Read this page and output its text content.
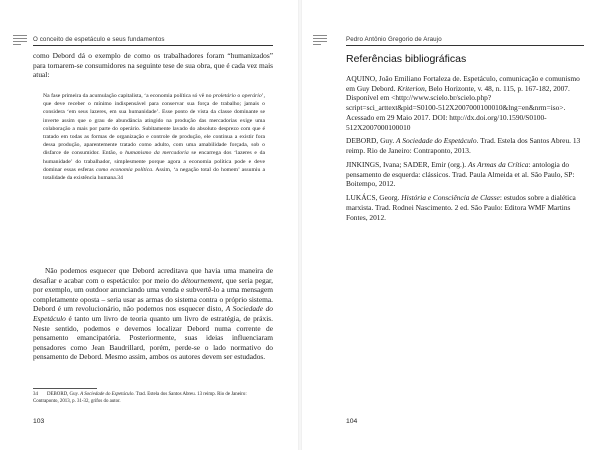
O conceito de espetáculo e seus fundamentos

como Debord dá o exemplo de como os trabalhadores foram “humanizados” para tornarem-se consumidores na seguinte tese de sua obra, que é cada vez mais atual:

Na fase primeira da acumulação capitalista, ‘a economia política só vê no proletário o operário’, que deve receber o mínimo indispensável para conservar sua força de trabalho; jamais o considera ‘em seus lazeres, em sua humanidade’. Esse ponto de vista da classe dominante se inverte assim que o grau de abundância atingido na produção das mercadorias exige uma colaboração a mais por parte do operário. Subitamente lavado do absoluto desprezo com que é tratado em todas as formas de organização e controle de produção, ele continua a existir fora dessa produção, aparentemente tratado como adulto, com uma amabilidade forçada, sob o disfarce de consumidor. Então, o humanismo da mercadoria se encarrega dos ‘lazeres e da humanidade’ do trabalhador, simplesmente porque agora a economia política pode e deve dominar essas esferas como economia política. Assim, ‘a negação total do homem’ assumiu a totalidade da existência humana.34

Não podemos esquecer que Debord acreditava que havia uma maneira de desafiar e acabar com o espetáculo: por meio do détournement, que seria pegar, por exemplo, um outdoor anunciando uma venda e subvertê-lo a uma mensagem completamente oposta – seria usar as armas do sistema contra o próprio sistema. Debord é um revolucionário, não podemos nos esquecer disto, A Sociedade do Espetáculo é tanto um livro de teoria quanto um livro de estratégia, de práxis. Neste sentido, podemos e devemos localizar Debord numa corrente de pensamento emancipatória. Posteriormente, suas ideias influenciaram pensadores como Jean Baudrillard, porém, perde-se o lado normativo do pensamento de Debord. Mesmo assim, ambos os autores devem ser estudados.

34 DEBORD, Guy. A Sociedade do Espetáculo. Trad. Estela dos Santos Abreu. 13 reimp. Rio de Janeiro: Contraponto, 2013, p. 31-32, grifos do autor.

103
Pedro Antônio Gregorio de Araujo
Referências bibliográficas
AQUINO, João Emiliano Fortaleza de. Espetáculo, comunicação e comunismo em Guy Debord. Kriterion, Belo Horizonte, v. 48, n. 115, p. 167-182, 2007. Disponível em <http://www.scielo.br/scielo.php?script=sci_arttext&pid=S0100-512X2007000100010&lng=en&nrm=iso>. Acessado em 29 Maio 2017. DOI: http://dx.doi.org/10.1590/S0100-512X2007000100010
DEBORD, Guy. A Sociedade do Espetáculo. Trad. Estela dos Santos Abreu. 13 reimp. Rio de Janeiro: Contraponto, 2013.
JINKINGS, Ivana; SADER, Emir (org.). As Armas da Crítica: antologia do pensamento de esquerda: clássicos. Trad. Paula Almeida et al. São Paulo, SP: Boitempo, 2012.
LUKÁCS, Georg. História e Consciência de Classe: estudos sobre a dialética marxista. Trad. Rodnei Nascimento. 2 ed. São Paulo: Editora WMF Martins Fontes, 2012.
104
